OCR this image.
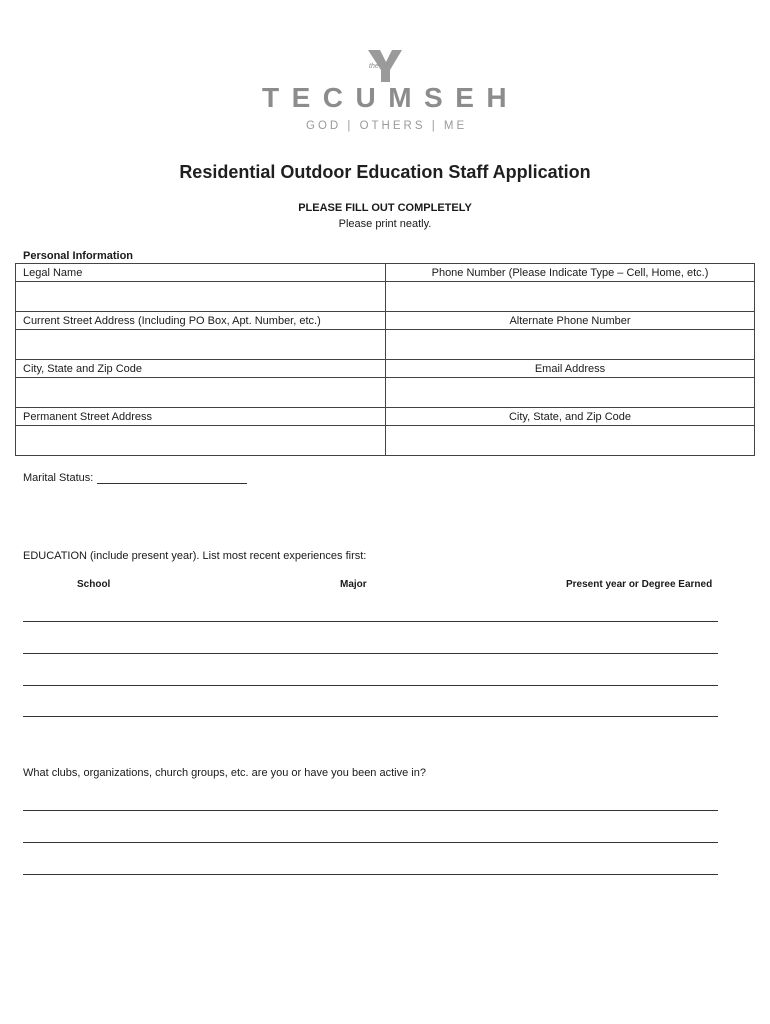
the
TECUMSEH
GOD | OTHERS | ME
Residential Outdoor Education Staff Application
PLEASE FILL OUT COMPLETELY
Please print neatly.
Personal Information
Legal Name	Phone Number (Please Indicate Type – Cell, Home, etc.)

Current Street Address (Including PO Box, Apt. Number, etc.)	Alternate Phone Number

City, State and Zip Code	Email Address

Permanent Street Address	City, State, and Zip Code

Marital Status:
EDUCATION (include present year). List most recent experiences first:
School	Major	Present year or Degree Earned
What clubs, organizations, church groups, etc. are you or have you been active in?
